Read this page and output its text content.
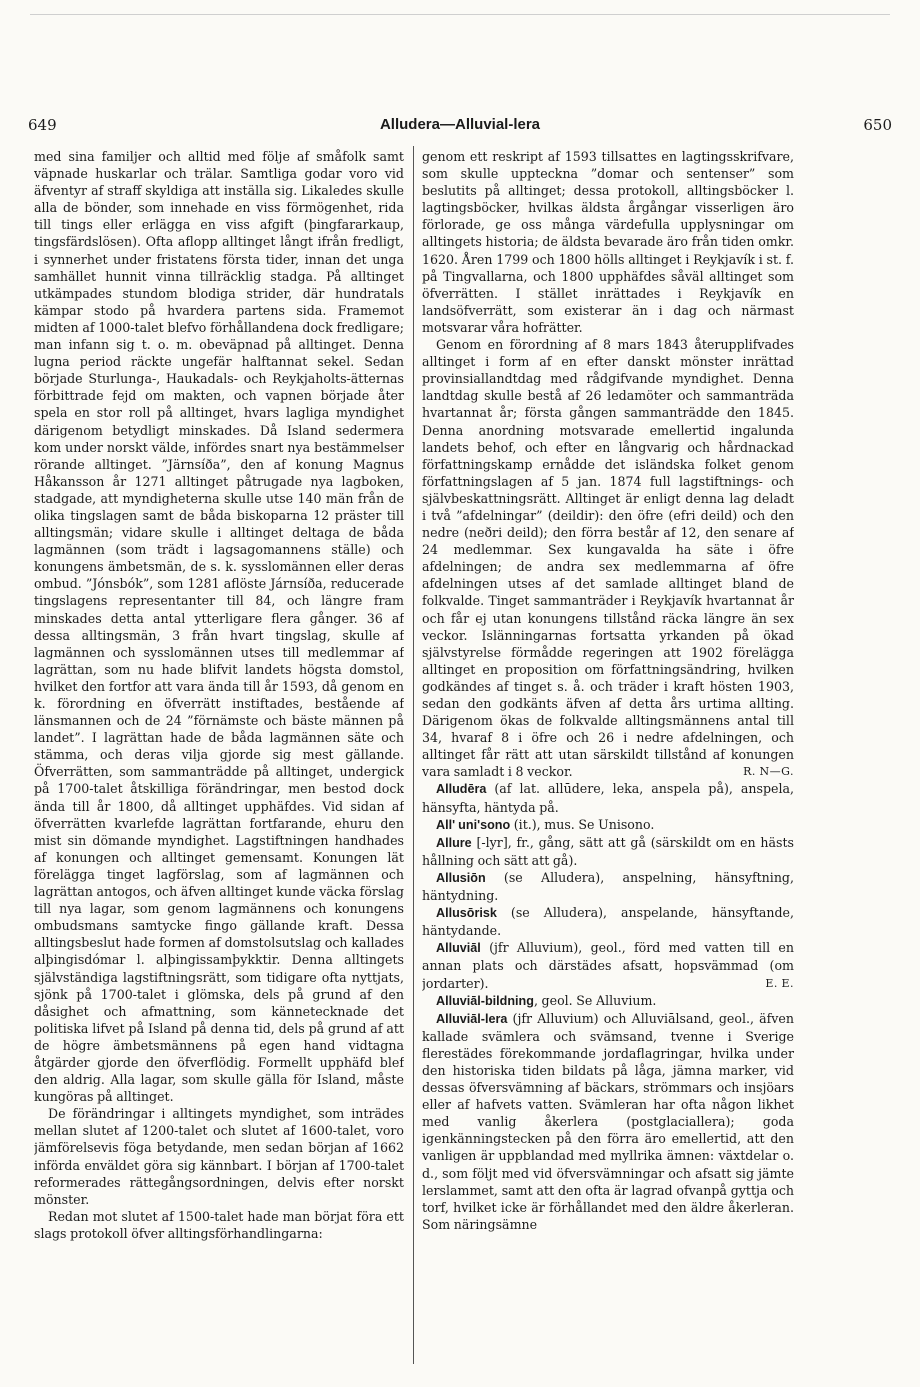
649	Alludera—Alluvial-lera	650

med sina familjer och alltid med följe af småfolk samt väpnade huskarlar och trälar. Samtliga godar voro vid äfventyr af straff skyldiga att inställa sig. Likaledes skulle alla de bönder, som innehade en viss förmögenhet, rida till tings eller erlägga en viss afgift (þingfararkaup, tingsfärdslösen). Ofta aflopp alltinget långt ifrån fredligt, i synnerhet under fristatens första tider, innan det unga samhället hunnit vinna tillräcklig stadga. På alltinget utkämpades stundom blodiga strider, där hundratals kämpar stodo på hvardera partens sida. Framemot midten af 1000-talet blefvo förhållandena dock fredligare; man infann sig t. o. m. obeväpnad på alltinget. Denna lugna period räckte ungefär halftannat sekel. Sedan började Sturlunga-, Haukadals- och Reykjaholts-ätternas förbittrade fejd om makten, och vapnen började åter spela en stor roll på alltinget, hvars lagliga myndighet därigenom betydligt minskades. Då Island sedermera kom under norskt välde, infördes snart nya bestämmelser rörande alltinget. ”Järnsíða”, den af konung Magnus Håkansson år 1271 alltinget påtrugade nya lagboken, stadgade, att myndigheterna skulle utse 140 män från de olika tingslagen samt de båda biskoparna 12 präster till alltingsmän; vidare skulle i alltinget deltaga de båda lagmännen (som trädt i lagsagomannens ställe) och konungens ämbetsmän, de s. k. sysslomännen eller deras ombud. ”Jónsbók”, som 1281 aflöste Járnsíða, reducerade tingslagens representanter till 84, och längre fram minskades detta antal ytterligare flera gånger. 36 af dessa alltingsmän, 3 från hvart tingslag, skulle af lagmännen och sysslomännen utses till medlemmar af lagrättan, som nu hade blifvit landets högsta domstol, hvilket den fortfor att vara ända till år 1593, då genom en k. förordning en öfverrätt instiftades, bestående af länsmannen och de 24 ”förnämste och bäste männen på landet”. I lagrättan hade de båda lagmännen säte och stämma, och deras vilja gjorde sig mest gällande. Öfverrätten, som sammanträdde på alltinget, undergick på 1700-talet åtskilliga förändringar, men bestod dock ända till år 1800, då alltinget upphäfdes. Vid sidan af öfverrätten kvarlefde lagrättan fortfarande, ehuru den mist sin dömande myndighet. Lagstiftningen handhades af konungen och alltinget gemensamt. Konungen lät förelägga tinget lagförslag, som af lagmännen och lagrättan antogos, och äfven alltinget kunde väcka förslag till nya lagar, som genom lagmännens och konungens ombudsmans samtycke fingo gällande kraft. Dessa alltingsbeslut hade formen af domstolsutslag och kallades alþingisdómar l. alþingissamþykktir. Denna alltingets självständiga lagstiftningsrätt, som tidigare ofta nyttjats, sjönk på 1700-talet i glömska, dels på grund af den dåsighet och afmattning, som kännetecknade det politiska lifvet på Island på denna tid, dels på grund af att de högre ämbetsmännens på egen hand vidtagna åtgärder gjorde den öfverflödig. Formellt upphäfd blef den aldrig. Alla lagar, som skulle gälla för Island, måste kungöras på alltinget.

De förändringar i alltingets myndighet, som inträdes mellan slutet af 1200-talet och slutet af 1600-talet, voro jämförelsevis föga betydande, men sedan början af 1662 införda enväldet göra sig kännbart. I början af 1700-talet reformerades rättegångsordningen, delvis efter norskt mönster.

Redan mot slutet af 1500-talet hade man börjat föra ett slags protokoll öfver alltingsförhandlingarna:

genom ett reskript af 1593 tillsattes en lagtingsskrifvare, som skulle uppteckna ”domar och sentenser” som beslutits på alltinget; dessa protokoll, alltingsböcker l. lagtingsböcker, hvilkas äldsta årgångar visserligen äro förlorade, ge oss många värdefulla upplysningar om alltingets historia; de äldsta bevarade äro från tiden omkr. 1620. Åren 1799 och 1800 hölls alltinget i Reykjavík i st. f. på Tingvallarna, och 1800 upphäfdes såväl alltinget som öfverrätten. I stället inrättades i Reykjavík en landsöfverrätt, som existerar än i dag och närmast motsvarar våra hofrätter.

Genom en förordning af 8 mars 1843 återupplifvades alltinget i form af en efter danskt mönster inrättad provinsiallandtdag med rådgifvande myndighet. Denna landtdag skulle bestå af 26 ledamöter och sammanträda hvartannat år; första gången sammanträdde den 1845. Denna anordning motsvarade emellertid ingalunda landets behof, och efter en långvarig och hårdnackad författningskamp ernådde det isländska folket genom författningslagen af 5 jan. 1874 full lagstiftnings- och självbeskattningsrätt. Alltinget är enligt denna lag deladt i två ”afdelningar” (deildir): den öfre (efri deild) och den nedre (neðri deild); den förra består af 12, den senare af 24 medlemmar. Sex kungavalda ha säte i öfre afdelningen; de andra sex medlemmarna af öfre afdelningen utses af det samlade alltinget bland de folkvalde. Tinget sammanträder i Reykjavík hvartannat år och får ej utan konungens tillstånd räcka längre än sex veckor. Islänningarnas fortsatta yrkanden på ökad självstyrelse förmådde regeringen att 1902 förelägga alltinget en proposition om författningsändring, hvilken godkändes af tinget s. å. och träder i kraft hösten 1903, sedan den godkänts äfven af detta års urtima allting. Därigenom ökas de folkvalde alltingsmännens antal till 34, hvaraf 8 i öfre och 26 i nedre afdelningen, och alltinget får rätt att utan särskildt tillstånd af konungen vara samladt i 8 veckor.	R. N—G.

Alludēra (af lat. allūdere, leka, anspela på), anspela, hänsyfta, häntyda på.

All' uni'sono (it.), mus. Se Unisono.

Allure [-lyr], fr., gång, sätt att gå (särskildt om en hästs hållning och sätt att gå).

Allusiōn (se Alludera), anspelning, hänsyftning, häntydning.

Allusōrisk (se Alludera), anspelande, hänsyftande, häntydande.

Alluviāl (jfr Alluvium), geol., förd med vatten till en annan plats och därstädes afsatt, hopsvämmad (om jordarter).	E. E.

Alluviāl-bildning, geol. Se Alluvium.

Alluviāl-lera (jfr Alluvium) och Alluviālsand, geol., äfven kallade svämlera och svämsand, tvenne i Sverige flerestädes förekommande jordaflagringar, hvilka under den historiska tiden bildats på låga, jämna marker, vid dessas öfversvämning af bäckars, strömmars och insjöars eller af hafvets vatten. Svämleran har ofta någon likhet med vanlig åkerlera (postglaciallera); goda igenkänningstecken på den förra äro emellertid, att den vanligen är uppblandad med myllrika ämnen: växtdelar o. d., som följt med vid öfversvämningar och afsatt sig jämte lerslammet, samt att den ofta är lagrad ofvanpå gyttja och torf, hvilket icke är förhållandet med den äldre åkerleran. Som näringsämne
